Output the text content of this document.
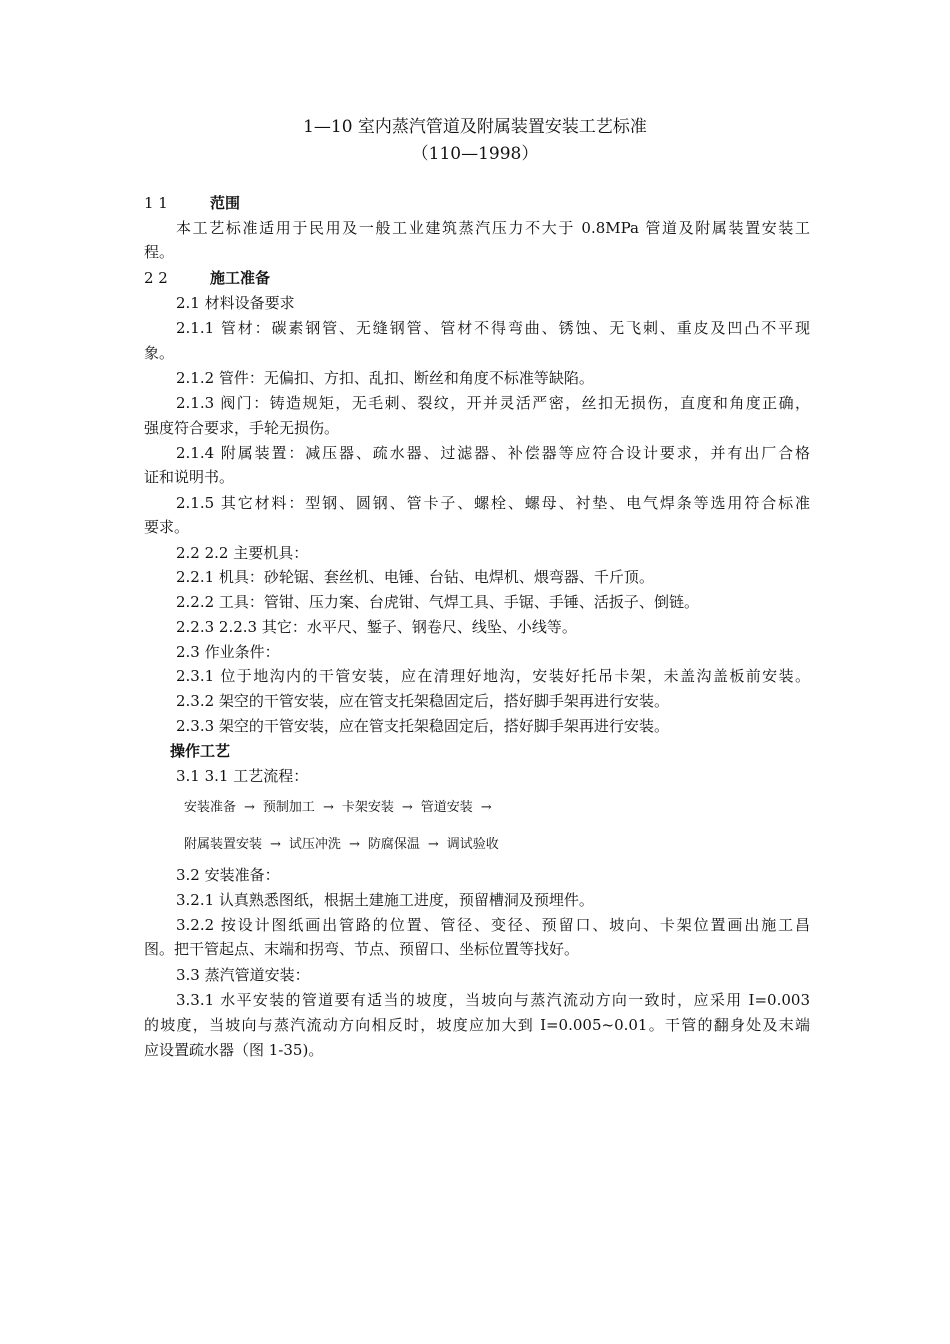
1—10 室内蒸汽管道及附属装置安装工艺标准
（110—1998）
1 1	范围
本工艺标准适用于民用及一般工业建筑蒸汽压力不大于 0.8MPa 管道及附属装置安装工
程。
2 2	施工准备
2.1 材料设备要求
2.1.1 管材：碳素钢管、无缝钢管、管材不得弯曲、锈蚀、无飞刺、重皮及凹凸不平现
象。
2.1.2 管件：无偏扣、方扣、乱扣、断丝和角度不标准等缺陷。
2.1.3 阀门：铸造规矩，无毛刺、裂纹，开并灵活严密，丝扣无损伤，直度和角度正确，
强度符合要求，手轮无损伤。
2.1.4 附属装置：减压器、疏水器、过滤器、补偿器等应符合设计要求，并有出厂合格
证和说明书。
2.1.5 其它材料：型钢、圆钢、管卡子、螺栓、螺母、衬垫、电气焊条等选用符合标准
要求。
2.2 2.2 主要机具：
2.2.1 机具：砂轮锯、套丝机、电锤、台钻、电焊机、煨弯器、千斤顶。
2.2.2 工具：管钳、压力案、台虎钳、气焊工具、手锯、手锤、活扳子、倒链。
2.2.3 2.2.3 其它：水平尺、錾子、钢卷尺、线坠、小线等。
2.3 作业条件：
2.3.1 位于地沟内的干管安装，应在清理好地沟，安装好托吊卡架，未盖沟盖板前安装。
2.3.2 架空的干管安装，应在管支托架稳固定后，搭好脚手架再进行安装。
2.3.3 架空的干管安装，应在管支托架稳固定后，搭好脚手架再进行安装。
操作工艺
3.1 3.1 工艺流程：
安装准备 → 预制加工 → 卡架安装 → 管道安装 →
附属装置安装 → 试压冲洗 → 防腐保温 → 调试验收
3.2 安装准备：
3.2.1 认真熟悉图纸，根据土建施工进度，预留槽洞及预埋件。
3.2.2 按设计图纸画出管路的位置、管径、变径、预留口、坡向、卡架位置画出施工昌
图。把干管起点、末端和拐弯、节点、预留口、坐标位置等找好。
3.3 蒸汽管道安装：
3.3.1 水平安装的管道要有适当的坡度，当坡向与蒸汽流动方向一致时，应采用 I=0.003
的坡度，当坡向与蒸汽流动方向相反时，坡度应加大到 I=0.005~0.01。干管的翻身处及末端
应设置疏水器（图 1-35)。
